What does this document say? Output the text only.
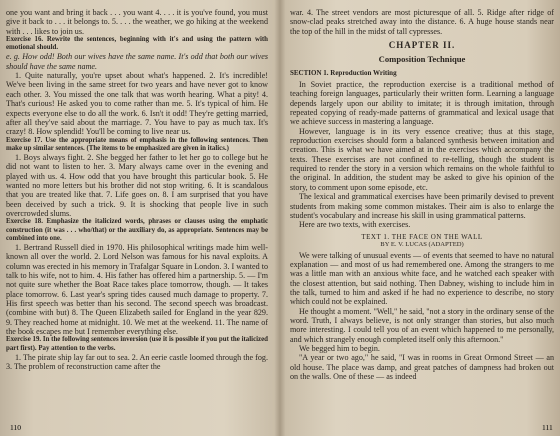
one you want and bring it back . . . you want 4. . . . it is you've found, you must give it back to . . . it belongs to. 5. . . . the weather, we go hiking at the weekend with . . . likes to join us.

Exercise 16. Rewrite the sentences, beginning with it's and using the pattern with emotional should.

e. g. How odd! Both our wives have the same name. It's odd that both our wives should have the same name.

1. Quite naturally, you're upset about what's happened. 2. It's incredible! We've been living in the same street for two years and have never got to know each other. 3. You missed the one talk that was worth hearing. What a pity! 4. That's curious! He asked you to come rather than me. 5. It's typical of him. He expects everyone else to do all the work. 6. Isn't it odd! They're getting married, after all they've said about the marriage. 7. You have to pay as much tax. It's crazy! 8. How splendid! You'll be coming to live near us.

Exercise 17. Use the appropriate means of emphasis in the following sentences. Then make up similar sentences. (The items to be emphasized are given in italics.)

1. Boys always fight. 2. She begged her father to let her go to college but he did not want to listen to her. 3. Mary always came over in the evening and played with us. 4. How odd that you have brought this particular book. 5. He wanted no more letters but his brother did not stop writing. 6. It is scandalous that you are treated like that. 7. Life goes on. 8. I am surprised that you have been deceived by such a trick. 9. It is shocking that people live in such overcrowded slums.

Exercise 18. Emphasize the italicized words, phrases or clauses using the emphatic construction (it was . . . who/that) or the auxiliary do, as appropriate. Sentences may be combined into one.

1. Bertrand Russell died in 1970. His philosophical writings made him well-known all over the world. 2. Lord Nelson was famous for his naval exploits. A column was erected in his memory in Trafalgar Square in London. 3. I wanted to talk to his wife, not to him. 4. His father has offered him a partnership. 5. — I'm not quite sure whether the Boat Race takes place tomorrow, though. — It takes place tomorrow. 6. Last year's spring tides caused much damage to property. 7. His first speech was better than his second. The second speech was broadcast. (combine with but) 8. The Queen Elizabeth sailed for England in the year 829. 9. They reached home at midnight. 10. We met at the weekend. 11. The name of the book escapes me but I remember everything else.

Exercise 19. In the following sentences inversion (use it is possible if you put the italicized part first). Pay attention to the verbs.

1. The pirate ship lay far out to sea. 2. An eerie castle loomed through the fog. 3. The problem of reconstruction came after the

110

war. 4. The street vendors are most picturesque of all. 5. Ridge after ridge of snow-clad peaks stretched away into the distance. 6. A huge house stands near the top of the hill in the midst of tall cypresses.

CHAPTER II.
Composition Technique
SECTION 1. Reproduction Writing

In Soviet practice, the reproduction exercise is a traditional method of teaching foreign languages, particularly their written form. Learning a language depends largely upon our ability to imitate; it is through imitation, through repeated copying of ready-made patterns of grammatical and lexical usage that we achieve success in mastering a language.

However, language is in its very essence creative; thus at this stage, reproduction exercises should form a balanced synthesis between imitation and creation. This is what we have aimed at in the exercises which accompany the texts. These exercises are not confined to re-telling, though the student is required to render the story in a version which remains on the whole faithful to the original. In addition, the student may be asked to give his opinion of the story, to comment upon some episode, etc.

The lexical and grammatical exercises have been primarily devised to prevent students from making some common mistakes. Their aim is also to enlarge the student's vocabulary and increase his skill in using grammatical patterns.

Here are two texts, with exercises.

TEXT 1. THE FACE ON THE WALL
BY E. V. LUCAS (ADAPTED)

We were talking of unusual events — of events that seemed to have no natural explanation — and most of us had remembered one. Among the strangers to me was a little man with an anxious white face, and he watched each speaker with the closest attention, but said nothing. Then Dabney, wishing to include him in the talk, turned to him and asked if he had no experience to describe, no story which could not be explained.

He thought a moment. "Well," he said, "not a story in the ordinary sense of the word. Truth, I always believe, is not only stranger than stories, but also much more interesting. I could tell you of an event which happened to me personally, and which strangely enough completed itself only this afternoon."

We begged him to begin.

"A year or two ago," he said, "I was in rooms in Great Ormond Street — an old house. The place was damp, and great patches of dampness had broken out on the walls. One of these — as indeed

111
